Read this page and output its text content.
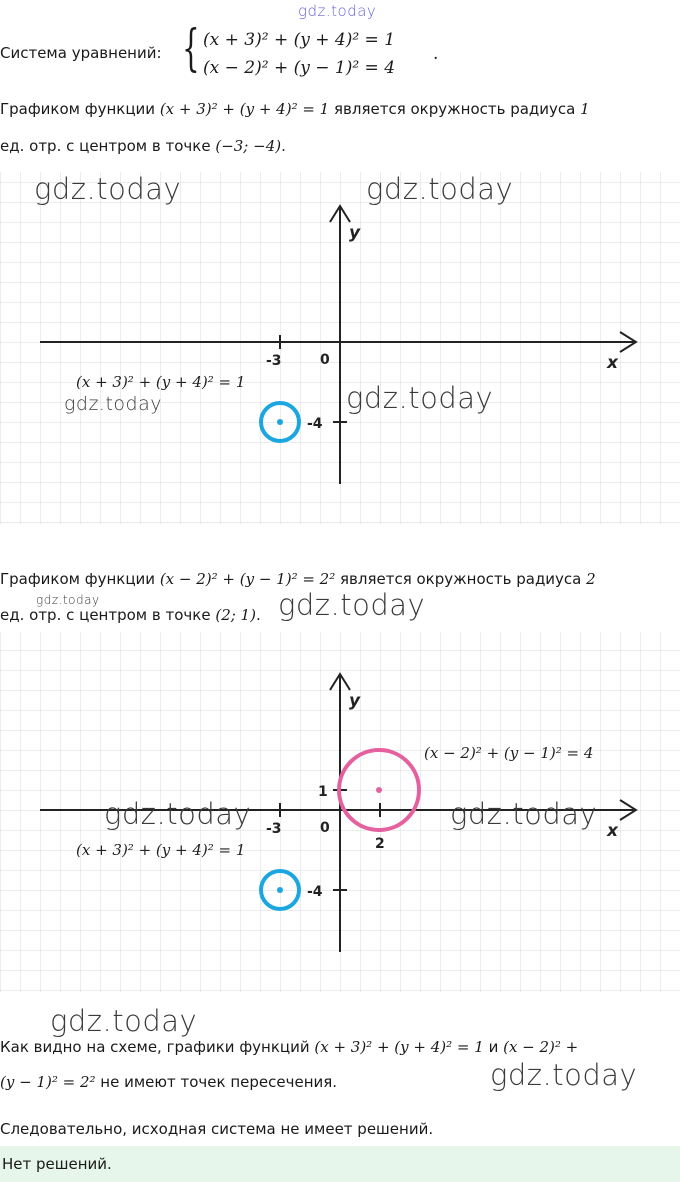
gdz.today
Система уравнений: { (x + 3)² + (y + 4)² = 1
(x − 2)² + (y − 1)² = 4
.
Графиком функции (x + 3)² + (y + 4)² = 1 является окружность радиуса 1
ед. отр. с центром в точке (−3; −4).
x
y
0
-3
-4
(x + 3)² + (y + 4)² = 1
gdz.today	gdz.today
gdz.today	gdz.today
Графиком функции (x − 2)² + (y − 1)² = 2² является окружность радиуса 2
gdz.today
ед. отр. с центром в точке (2; 1). gdz.today
x
y
0
-3
2
1
-4
(x + 3)² + (y + 4)² = 1
(x − 2)² + (y − 1)² = 4
gdz.today	gdz.today
gdz.today
Как видно на схеме, графики функций (x + 3)² + (y + 4)² = 1 и (x − 2)² +
(y − 1)² = 2² не имеют точек пересечения.	gdz.today
Следовательно, исходная система не имеет решений.
Нет решений.
